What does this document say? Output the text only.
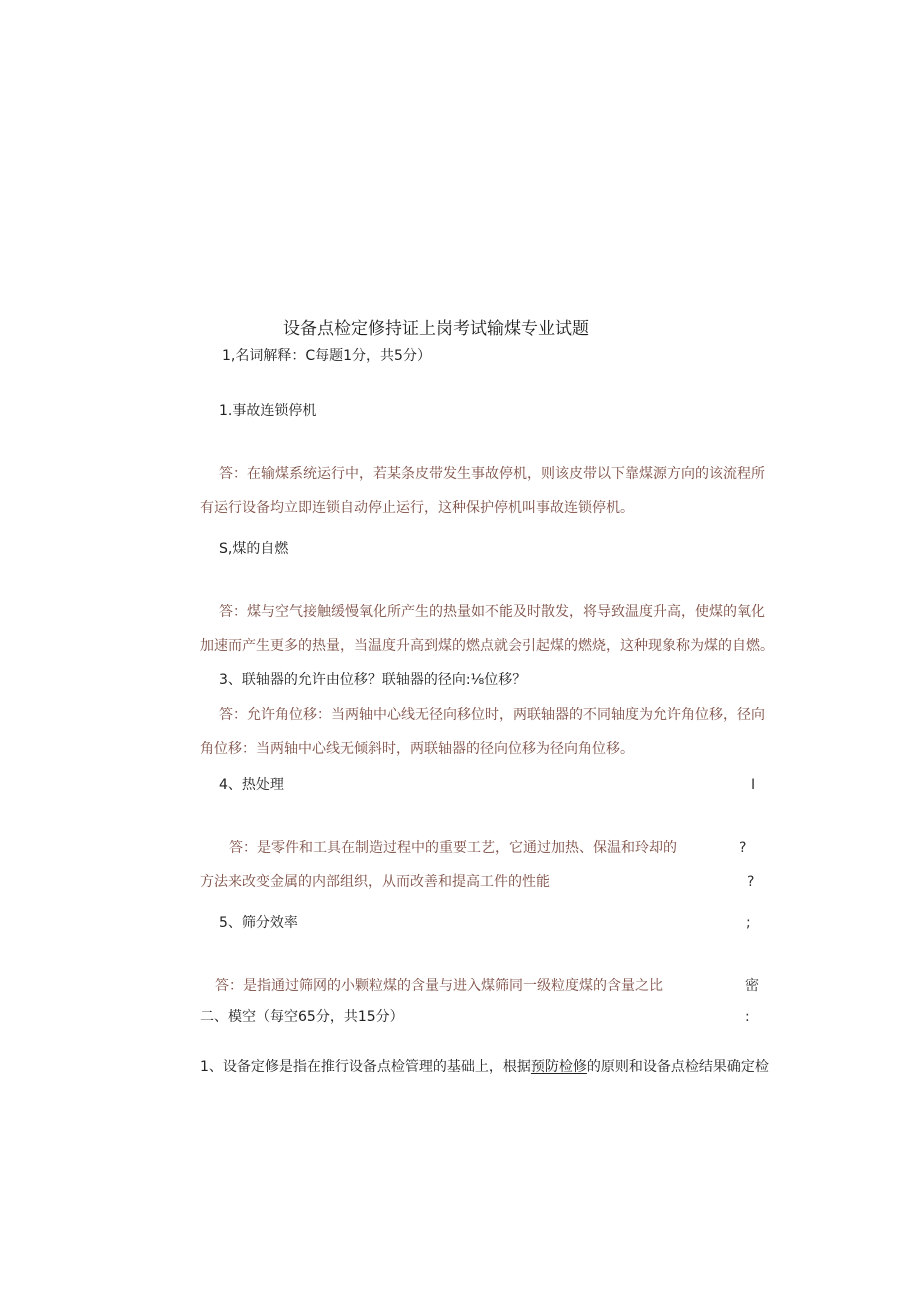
设备点检定修持证上岗考试输煤专业试题
1,名词解释：C每题1分，共5分）
1.事故连锁停机
答：在输煤系统运行中，若某条皮带发生事故停机，则该皮带以下靠煤源方向的该流程所
有运行设备均立即连锁自动停止运行，这种保护停机叫事故连锁停机。
S,煤的自燃
答：煤与空气接触缓慢氧化所产生的热量如不能及时散发，将导致温度升高，使煤的氧化
加速而产生更多的热量，当温度升高到煤的燃点就会引起煤的燃烧，这种现象称为煤的自燃。
3、联轴器的允许由位移？联轴器的径向:⅛位移？
答：允许角位移：当两轴中心线无径向移位时，两联轴器的不同轴度为允许角位移，径向
角位移：当两轴中心线无倾斜时，两联轴器的径向位移为径向角位移。
4、热处理	I
答：是零件和工具在制造过程中的重要工艺，它通过加热、保温和玲却的	?
方法来改变金属的内部组织，从而改善和提高工件的性能	?
5、筛分效率	;
答：是指通过筛网的小颗粒煤的含量与进入煤筛同一级粒度煤的含量之比	密
二、模空（每空65分，共15分）	:
1、设备定修是指在推行设备点检管理的基础上，根据预防检修的原则和设备点检结果确定检
